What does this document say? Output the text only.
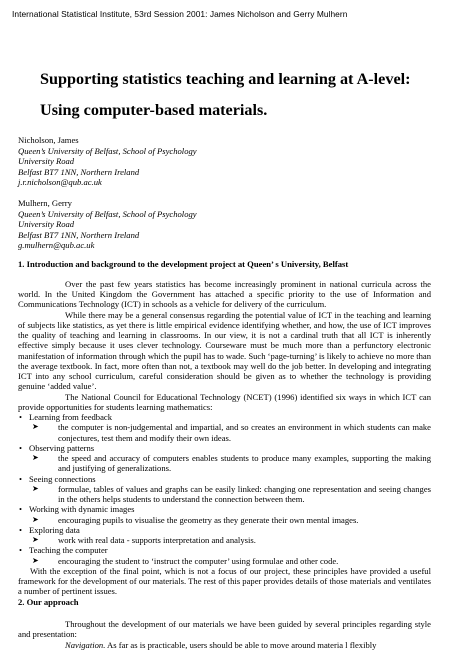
International Statistical Institute, 53rd Session 2001: James Nicholson and Gerry Mulhern
Supporting statistics teaching and learning at A-level: Using computer-based materials.
Nicholson, James
Queen’s University of Belfast, School of Psychology
University Road
Belfast BT7 1NN, Northern Ireland
j.r.nicholson@qub.ac.uk
Mulhern, Gerry
Queen’s University of Belfast, School of Psychology
University Road
Belfast BT7 1NN, Northern Ireland
g.mulhern@qub.ac.uk
1. Introduction and background to the development project at Queen’ s University, Belfast

Over the past few years statistics has become increasingly prominent in national curricula across the world. In the United Kingdom the Government has attached a specific priority to the use of Information and Communications Technology (ICT) in schools as a vehicle for delivery of the curriculum.

While there may be a general consensus regarding the potential value of ICT in the teaching and learning of subjects like statistics, as yet there is little empirical evidence identifying whether, and how, the use of ICT improves the quality of teaching and learning in classrooms. In our view, it is not a cardinal truth that all ICT is inherently effective simply because it uses clever technology. Courseware must be much more than a perfunctory electronic manifestation of information through which the pupil has to wade. Such ‘page-turning’ is likely to achieve no more than the average textbook. In fact, more often than not, a textbook may well do the job better. In developing and integrating ICT into any school curriculum, careful consideration should be given as to whether the technology is providing genuine ‘added value’.

The National Council for Educational Technology (NCET) (1996) identified six ways in which ICT can provide opportunities for students learning mathematics:

• Learning from feedback
➤ the computer is non-judgemental and impartial, and so creates an environment in which students can make conjectures, test them and modify their own ideas.
• Observing patterns
➤ the speed and accuracy of computers enables students to produce many examples, supporting the making and justifying of generalizations.
• Seeing connections
➤ formulae, tables of values and graphs can be easily linked: changing one representation and seeing changes in the others helps students to understand the connection between them.
• Working with dynamic images
➤ encouraging pupils to visualise the geometry as they generate their own mental images.
• Exploring data
➤ work with real data - supports interpretation and analysis.
• Teaching the computer
➤ encouraging the student to ‘instruct the computer’ using formulae and other code.

With the exception of the final point, which is not a focus of our project, these principles have provided a useful framework for the development of our materials. The rest of this paper provides details of those materials and ventilates a number of pertinent issues.

2. Our approach

Throughout the development of our materials we have been guided by several principles regarding style and presentation:

Navigation. As far as is practicable, users should be able to move around materia l flexibly
